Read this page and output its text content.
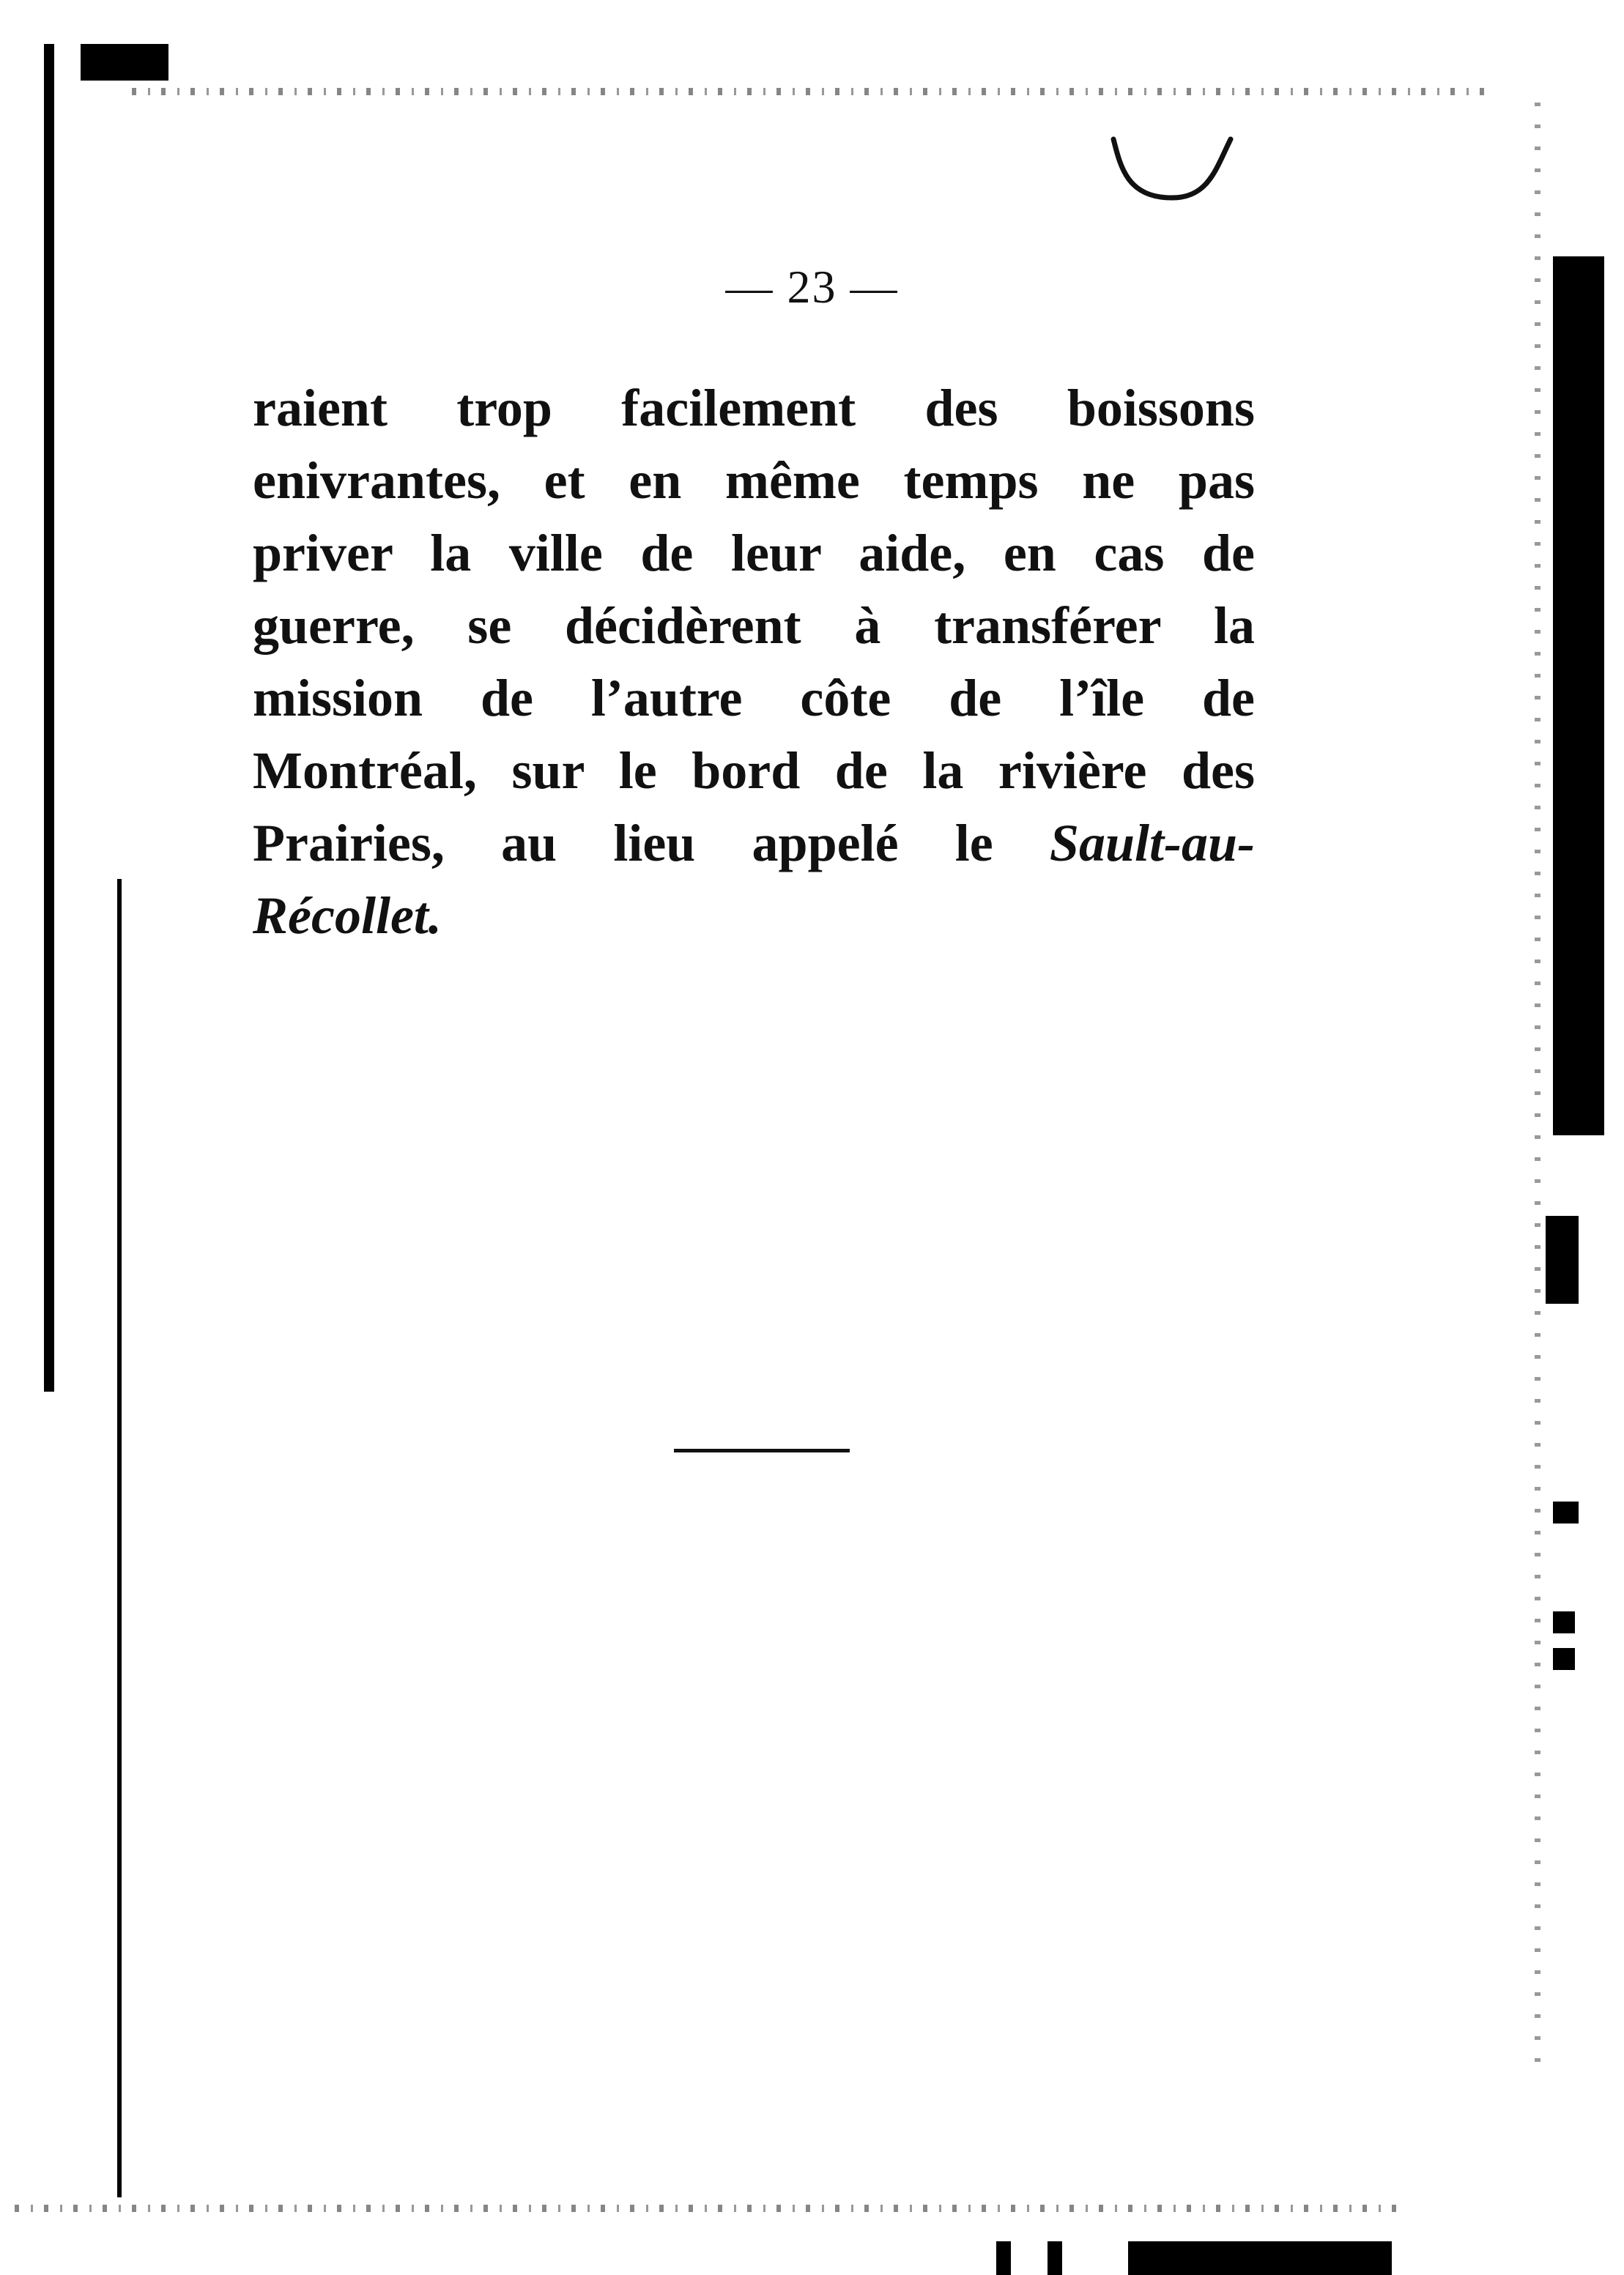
— 23 —

raient trop facilement des boissons
enivrantes, et en même temps ne pas
priver la ville de leur aide, en cas de
guerre, se décidèrent à transférer la
mission de l’autre côte de l’île de
Montréal, sur le bord de la rivière des
Prairies, au lieu appelé le Sault-au-
Récollet.
